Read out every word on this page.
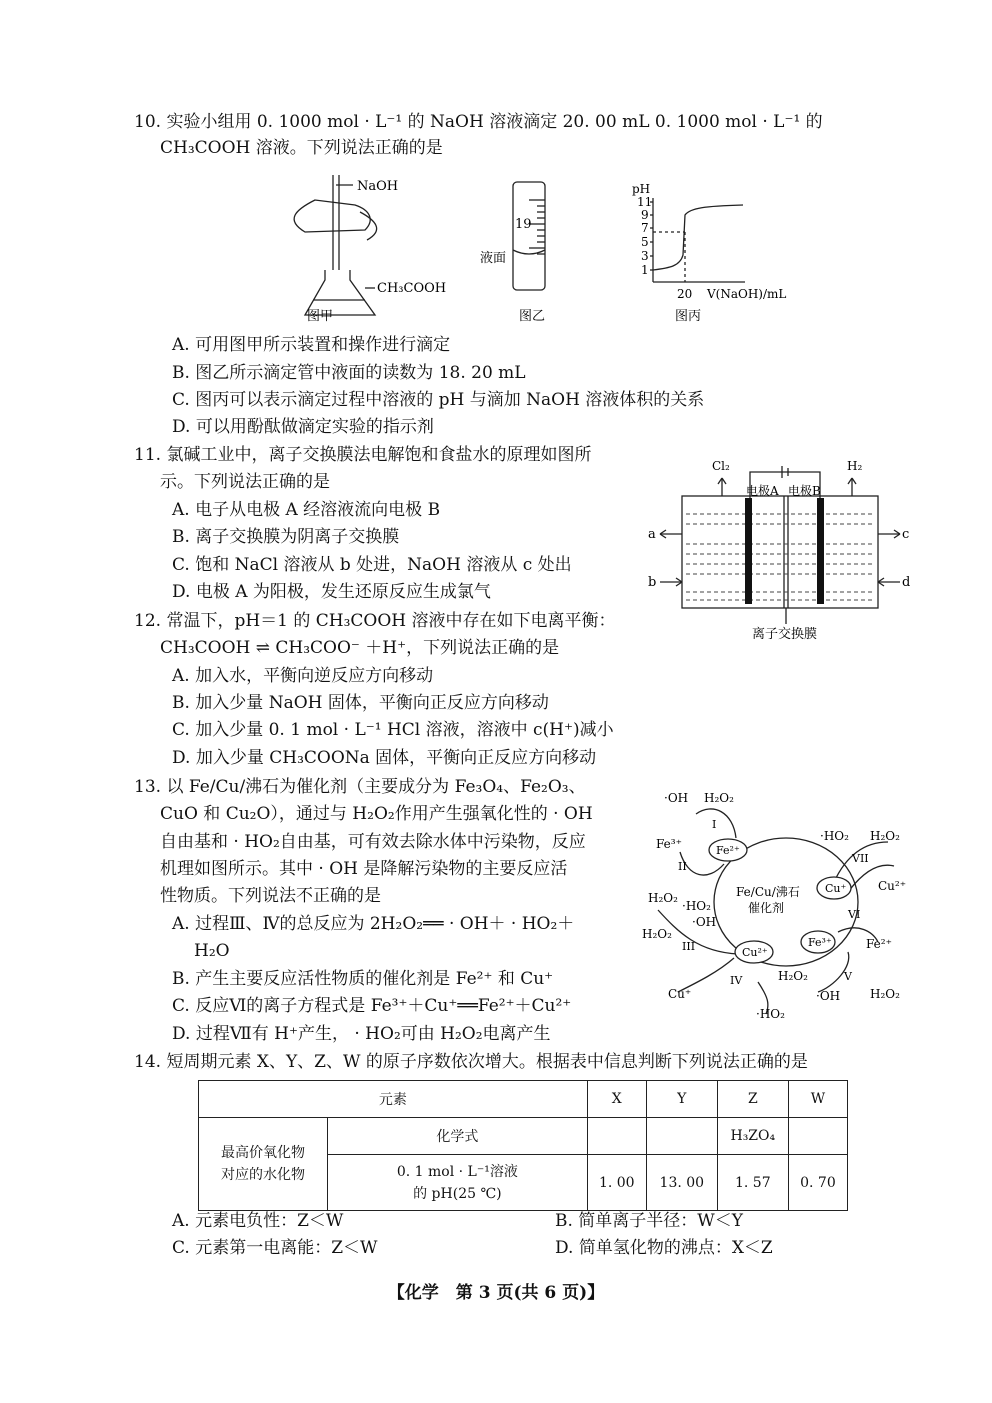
10. 实验小组用 0. 1000 mol · L⁻¹ 的 NaOH 溶液滴定 20. 00 mL 0. 1000 mol · L⁻¹ 的
CH₃COOH 溶液。下列说法正确的是
NaOH
CH₃COOH
图甲
19
液面
图乙
pH
11
9
7
5
3
1
20 V(NaOH)/mL
图丙
A. 可用图甲所示装置和操作进行滴定
B. 图乙所示滴定管中液面的读数为 18. 20 mL
C. 图丙可以表示滴定过程中溶液的 pH 与滴加 NaOH 溶液体积的关系
D. 可以用酚酞做滴定实验的指示剂
11. 氯碱工业中，离子交换膜法电解饱和食盐水的原理如图所
示。下列说法正确的是
A. 电子从电极 A 经溶液流向电极 B
B. 离子交换膜为阴离子交换膜
C. 饱和 NaCl 溶液从 b 处进，NaOH 溶液从 c 处出
D. 电极 A 为阳极，发生还原反应生成氯气
Cl₂	H₂
电极A 电极B
a
b
c
d
离子交换膜
12. 常温下，pH＝1 的 CH₃COOH 溶液中存在如下电离平衡：
CH₃COOH ⇌ CH₃COO⁻ ＋H⁺，下列说法正确的是
A. 加入水，平衡向逆反应方向移动
B. 加入少量 NaOH 固体，平衡向正反应方向移动
C. 加入少量 0. 1 mol · L⁻¹ HCl 溶液，溶液中 c(H⁺)减小
D. 加入少量 CH₃COONa 固体，平衡向正反应方向移动
13. 以 Fe/Cu/沸石为催化剂（主要成分为 Fe₃O₄、Fe₂O₃、
CuO 和 Cu₂O），通过与 H₂O₂作用产生强氧化性的 · OH
自由基和 · HO₂自由基，可有效去除水体中污染物，反应
机理如图所示。其中 · OH 是降解污染物的主要反应活
性物质。下列说法不正确的是
A. 过程Ⅲ、Ⅳ的总反应为 2H₂O₂══ · OH＋ · HO₂＋
H₂O
B. 产生主要反应活性物质的催化剂是 Fe²⁺ 和 Cu⁺
C. 反应Ⅵ的离子方程式是 Fe³⁺＋Cu⁺══Fe²⁺＋Cu²⁺
D. 过程Ⅶ有 H⁺产生， · HO₂可由 H₂O₂电离产生
Fe²⁺
Cu⁺
Fe³⁺
Cu²⁺
Fe/Cu/沸石
催化剂
·OH H₂O₂
Fe³⁺
H₂O₂
·HO₂
·OH
H₂O₂
Cu⁺
·HO₂
H₂O₂
·OH H₂O₂
Fe²⁺
Cu²⁺
·HO₂ H₂O₂
I
II
III
IV	V
VI
VII
14. 短周期元素 X、Y、Z、W 的原子序数依次增大。根据表中信息判断下列说法正确的是
元素		X	Y	Z	W

最高价氧化物
对应的水化物	化学式			H₃ZO₄	

	0. 1 mol · L⁻¹溶液
的 pH(25 ℃)	1. 00	13. 00	1. 57	0. 70
A. 元素电负性：Z＜W	B. 简单离子半径：W＜Y
C. 元素第一电离能：Z＜W	D. 简单氢化物的沸点：X＜Z
【化学　第 3 页(共 6 页)】
